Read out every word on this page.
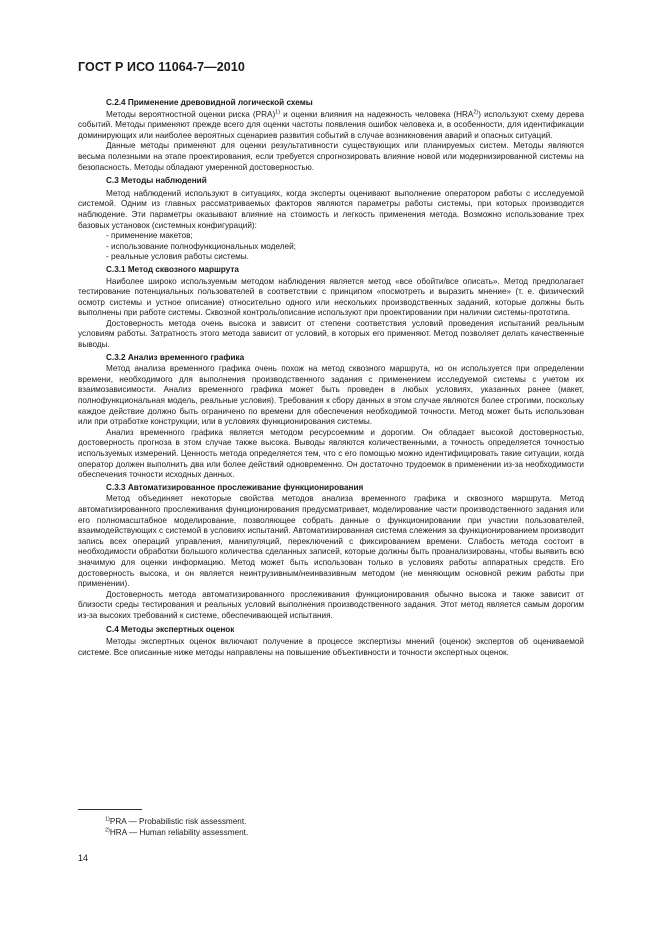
ГОСТ Р ИСО 11064-7—2010
С.2.4 Применение древовидной логической схемы

Методы вероятностной оценки риска (PRA)$^{1)}$ и оценки влияния на надежность человека (HRA$^{2)}$) используют схему дерева событий. Методы применяют прежде всего для оценки частоты появления ошибок человека и, в особенности, для идентификации доминирующих или наиболее вероятных сценариев развития событий в случае возникновения аварий и опасных ситуаций.

Данные методы применяют для оценки результативности существующих или планируемых систем. Методы являются весьма полезными на этапе проектирования, если требуется спрогнозировать влияние новой или модернизированной системы на безопасность. Методы обладают умеренной достоверностью.

С.3 Методы наблюдений

Метод наблюдений используют в ситуациях, когда эксперты оценивают выполнение оператором работы с исследуемой системой. Одним из главных рассматриваемых факторов являются параметры работы системы, при которых производится наблюдение. Эти параметры оказывают влияние на стоимость и легкость применения метода. Возможно использование трех базовых установок (системных конфигураций):

- применение макетов;

- использование полнофункциональных моделей;

- реальные условия работы системы.

С.3.1 Метод сквозного маршрута

Наиболее широко используемым методом наблюдения является метод «все обойти/все описать». Метод предполагает тестирование потенциальных пользователей в соответствии с принципом «посмотреть и выразить мнение» (т. е. физический осмотр системы и устное описание) относительно одного или нескольких производственных заданий, которые должны быть выполнены при работе системы. Сквозной контроль/описание используют при проектировании при наличии системы-прототипа.

Достоверность метода очень высока и зависит от степени соответствия условий проведения испытаний реальным условиям работы. Затратность этого метода зависит от условий, в которых его применяют. Метод позволяет делать качественные выводы.

С.3.2 Анализ временного графика

Метод анализа временного графика очень похож на метод сквозного маршрута, но он используется при определении времени, необходимого для выполнения производственного задания с применением исследуемой системы с учетом их взаимозависимости. Анализ временного графика может быть проведен в любых условиях, указанных ранее (макет, полнофункциональная модель, реальные условия). Требования к сбору данных в этом случае являются более строгими, поскольку каждое действие должно быть ограничено по времени для обеспечения необходимой точности. Метод может быть использован или при отработке конструкции, или в условиях функционирования системы.

Анализ временного графика является методом ресурсоемким и дорогим. Он обладает высокой достоверностью, достоверность прогноза в этом случае также высока. Выводы являются количественными, а точность определяется точностью используемых измерений. Ценность метода определяется тем, что с его помощью можно идентифицировать такие ситуации, когда оператор должен выполнить два или более действий одновременно. Он достаточно трудоемок в применении из-за необходимости обеспечения точности исходных данных.

С.3.3 Автоматизированное прослеживание функционирования

Метод объединяет некоторые свойства методов анализа временного графика и сквозного маршрута. Метод автоматизированного прослеживания функционирования предусматривает, моделирование части производственного задания или его полномасштабное моделирование, позволяющее собрать данные о функционировании при участии пользователей, взаимодействующих с системой в условиях испытаний. Автоматизированная система слежения за функционированием производит запись всех операций управления, манипуляций, переключений с фиксированием времени. Слабость метода состоит в необходимости обработки большого количества сделанных записей, которые должны быть проанализированы, чтобы выявить всю значимую для оценки информацию. Метод может быть использован только в условиях работы аппаратных средств. Его достоверность высока, и он является неинтрузивным/неинвазивным методом (не меняющим основной режим работы при применении).

Достоверность метода автоматизированного прослеживания функционирования обычно высока и также зависит от близости среды тестирования и реальных условий выполнения производственного задания. Этот метод является самым дорогим из-за высоких требований к системе, обеспечивающей испытания.

С.4 Методы экспертных оценок

Методы экспертных оценок включают получение в процессе экспертизы мнений (оценок) экспертов об оцениваемой системе. Все описанные ниже методы направлены на повышение объективности и точности экспертных оценок.

$^{1)}$PRA — Probabilistic risk assessment.
$^{2)}$HRA — Human reliability assessment.
14
